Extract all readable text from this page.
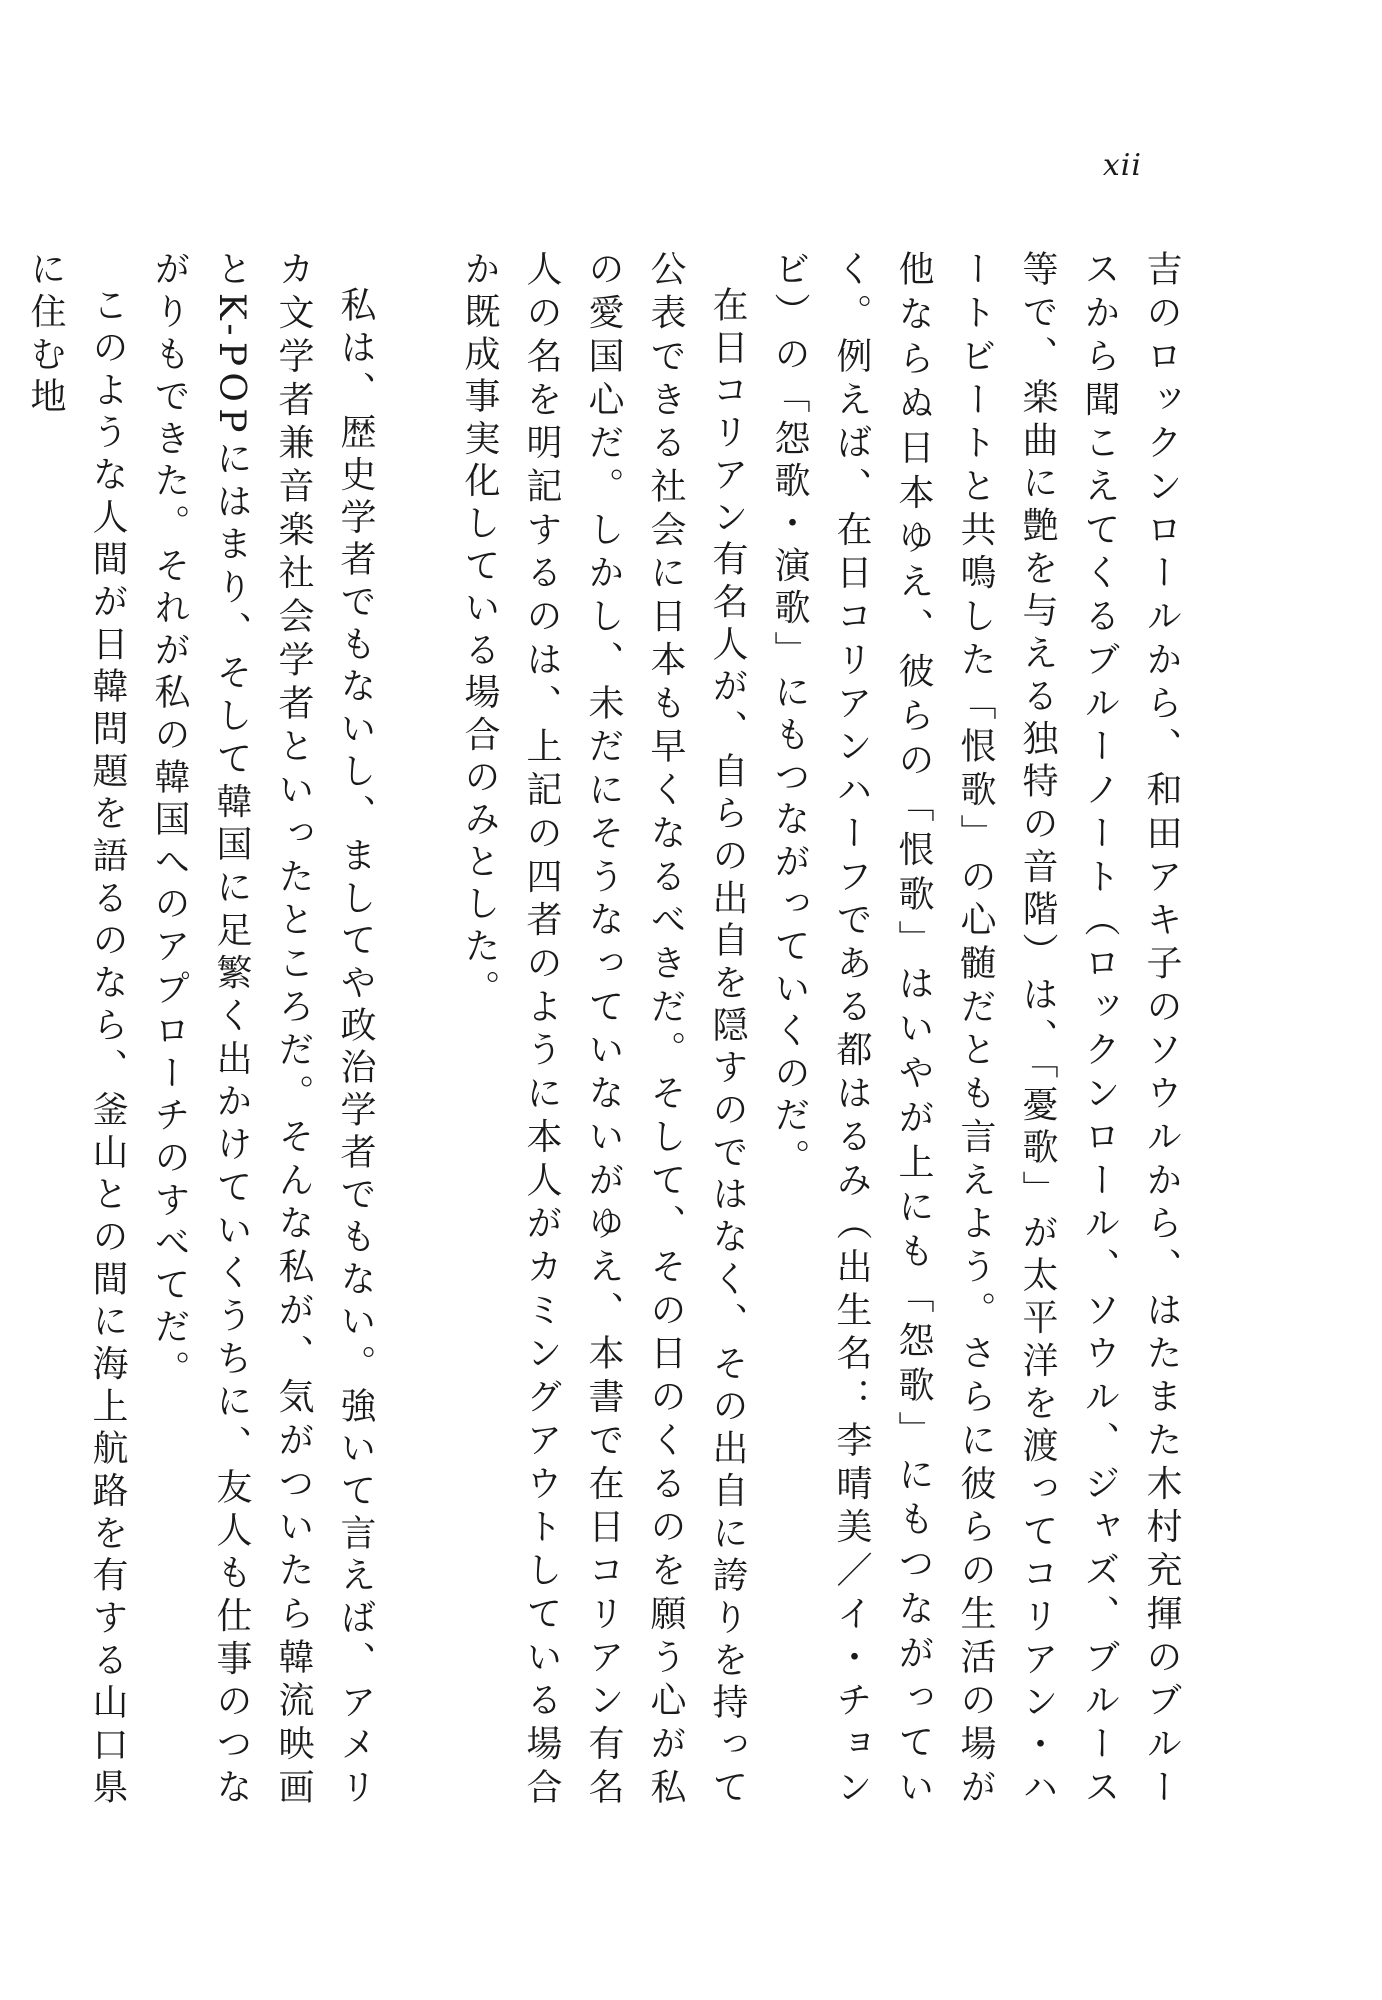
xii

吉のロックンロールから、和田アキ子のソウルから、はたまた木村充揮のブルースから聞こえてくるブルーノート（ロックンロール、ソウル、ジャズ、ブルース等で、楽曲に艶を与える独特の音階）は、「憂歌」が太平洋を渡ってコリアン・ハートビートと共鳴した「恨歌」の心髄だとも言えよう。さらに彼らの生活の場が他ならぬ日本ゆえ、彼らの「恨歌」はいやが上にも「怨歌」にもつながっていく。例えば、在日コリアンハーフである都はるみ（出生名：李晴美／イ・チョンビ）の「怨歌・演歌」にもつながっていくのだ。

在日コリアン有名人が、自らの出自を隠すのではなく、その出自に誇りを持って公表できる社会に日本も早くなるべきだ。そして、その日のくるのを願う心が私の愛国心だ。しかし、未だにそうなっていないがゆえ、本書で在日コリアン有名人の名を明記するのは、上記の四者のように本人がカミングアウトしている場合か既成事実化している場合のみとした。

私は、歴史学者でもないし、ましてや政治学者でもない。強いて言えば、アメリカ文学者兼音楽社会学者といったところだ。そんな私が、気がついたら韓流映画とK-POPにはまり、そして韓国に足繁く出かけていくうちに、友人も仕事のつながりもできた。それが私の韓国へのアプローチのすべてだ。

このような人間が日韓問題を語るのなら、釜山との間に海上航路を有する山口県に住む地
